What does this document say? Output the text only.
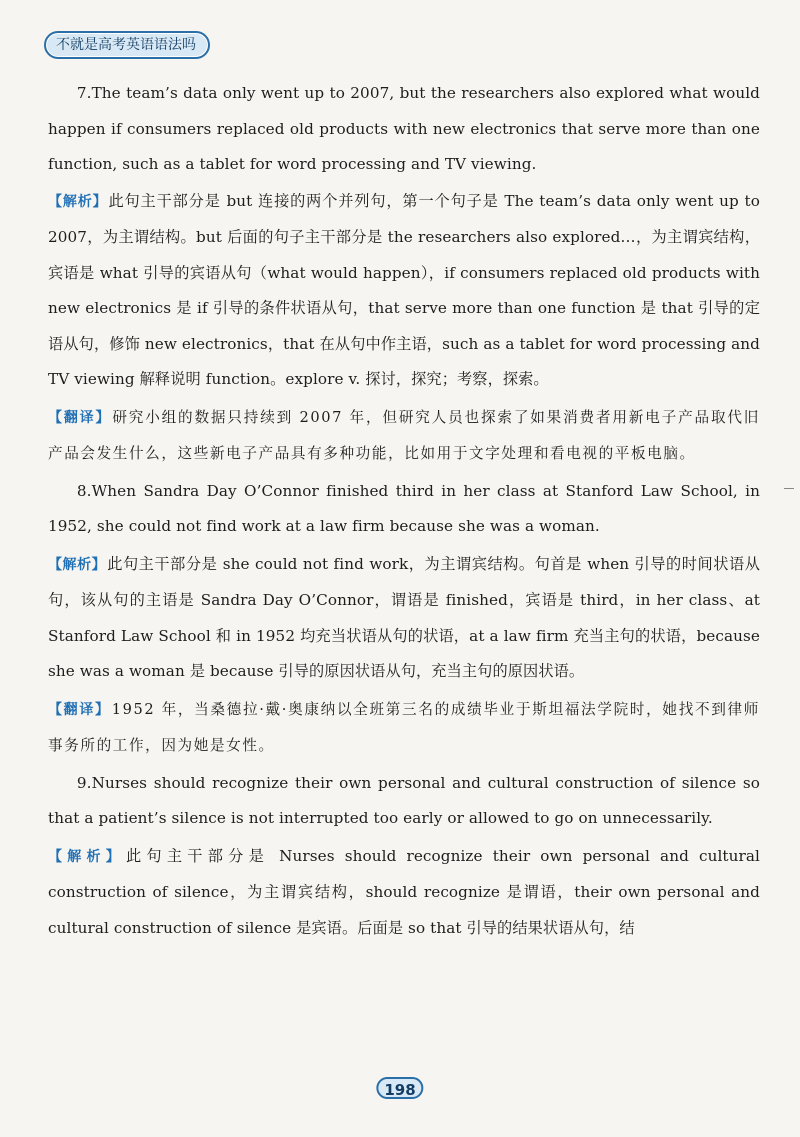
不就是高考英语语法吗

7.The team’s data only went up to 2007, but the researchers also explored what would happen if consumers replaced old products with new electronics that serve more than one function, such as a tablet for word processing and TV viewing.

【解析】此句主干部分是 but 连接的两个并列句，第一个句子是 The team’s data only went up to 2007，为主谓结构。but 后面的句子主干部分是 the researchers also explored…，为主谓宾结构，宾语是 what 引导的宾语从句（what would happen），if consumers replaced old products with new electronics 是 if 引导的条件状语从句，that serve more than one function 是 that 引导的定语从句，修饰 new electronics，that 在从句中作主语，such as a tablet for word processing and TV viewing 解释说明 function。explore v. 探讨，探究；考察，探索。

【翻译】研究小组的数据只持续到 2007 年，但研究人员也探索了如果消费者用新电子产品取代旧产品会发生什么，这些新电子产品具有多种功能，比如用于文字处理和看电视的平板电脑。

8.When Sandra Day O’Connor finished third in her class at Stanford Law School, in 1952, she could not find work at a law firm because she was a woman.

【解析】此句主干部分是 she could not find work，为主谓宾结构。句首是 when 引导的时间状语从句，该从句的主语是 Sandra Day O’Connor，谓语是 finished，宾语是 third，in her class、at Stanford Law School 和 in 1952 均充当状语从句的状语，at a law firm 充当主句的状语，because she was a woman 是 because 引导的原因状语从句，充当主句的原因状语。

【翻译】1952 年，当桑德拉·戴·奥康纳以全班第三名的成绩毕业于斯坦福法学院时，她找不到律师事务所的工作，因为她是女性。

9.Nurses should recognize their own personal and cultural construction of silence so that a patient’s silence is not interrupted too early or allowed to go on unnecessarily.

【解析】此句主干部分是 Nurses should recognize their own personal and cultural construction of silence，为主谓宾结构，should recognize 是谓语，their own personal and cultural construction of silence 是宾语。后面是 so that 引导的结果状语从句，结

198
